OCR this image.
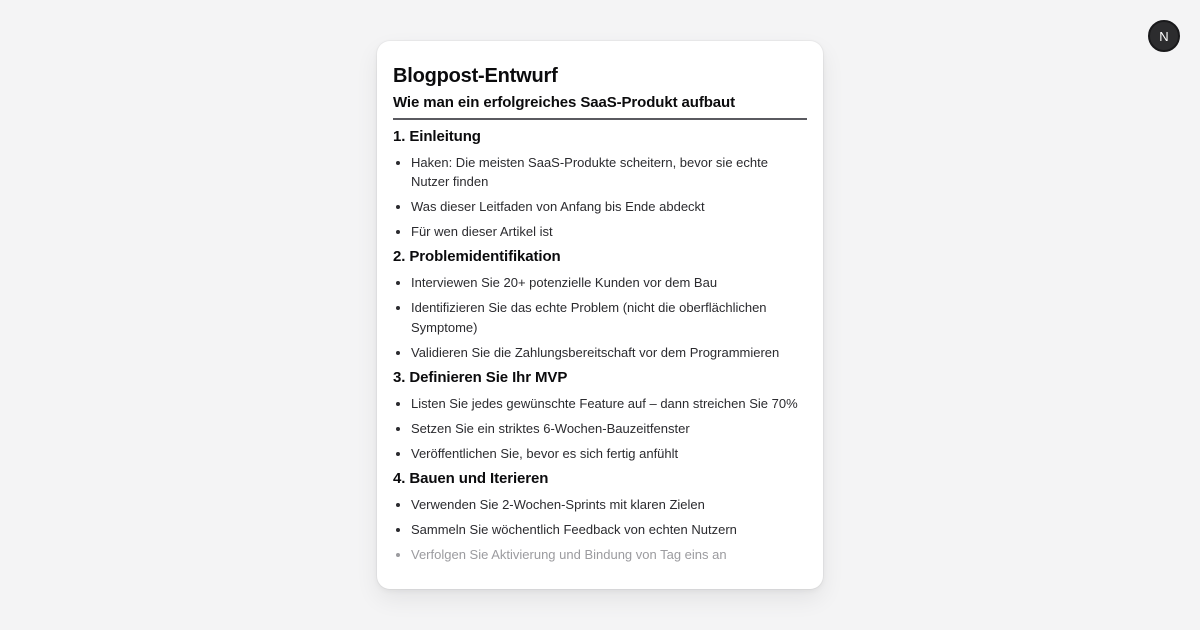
N
Blogpost-Entwurf
Wie man ein erfolgreiches SaaS-Produkt aufbaut
1. Einleitung
• Haken: Die meisten SaaS-Produkte scheitern, bevor sie echte Nutzer finden
• Was dieser Leitfaden von Anfang bis Ende abdeckt
• Für wen dieser Artikel ist
2. Problemidentifikation
• Interviewen Sie 20+ potenzielle Kunden vor dem Bau
• Identifizieren Sie das echte Problem (nicht die oberflächlichen Symptome)
• Validieren Sie die Zahlungsbereitschaft vor dem Programmieren
3. Definieren Sie Ihr MVP
• Listen Sie jedes gewünschte Feature auf – dann streichen Sie 70%
• Setzen Sie ein striktes 6-Wochen-Bauzeitfenster
• Veröffentlichen Sie, bevor es sich fertig anfühlt
4. Bauen und Iterieren
• Verwenden Sie 2-Wochen-Sprints mit klaren Zielen
• Sammeln Sie wöchentlich Feedback von echten Nutzern
• Verfolgen Sie Aktivierung und Bindung von Tag eins an
